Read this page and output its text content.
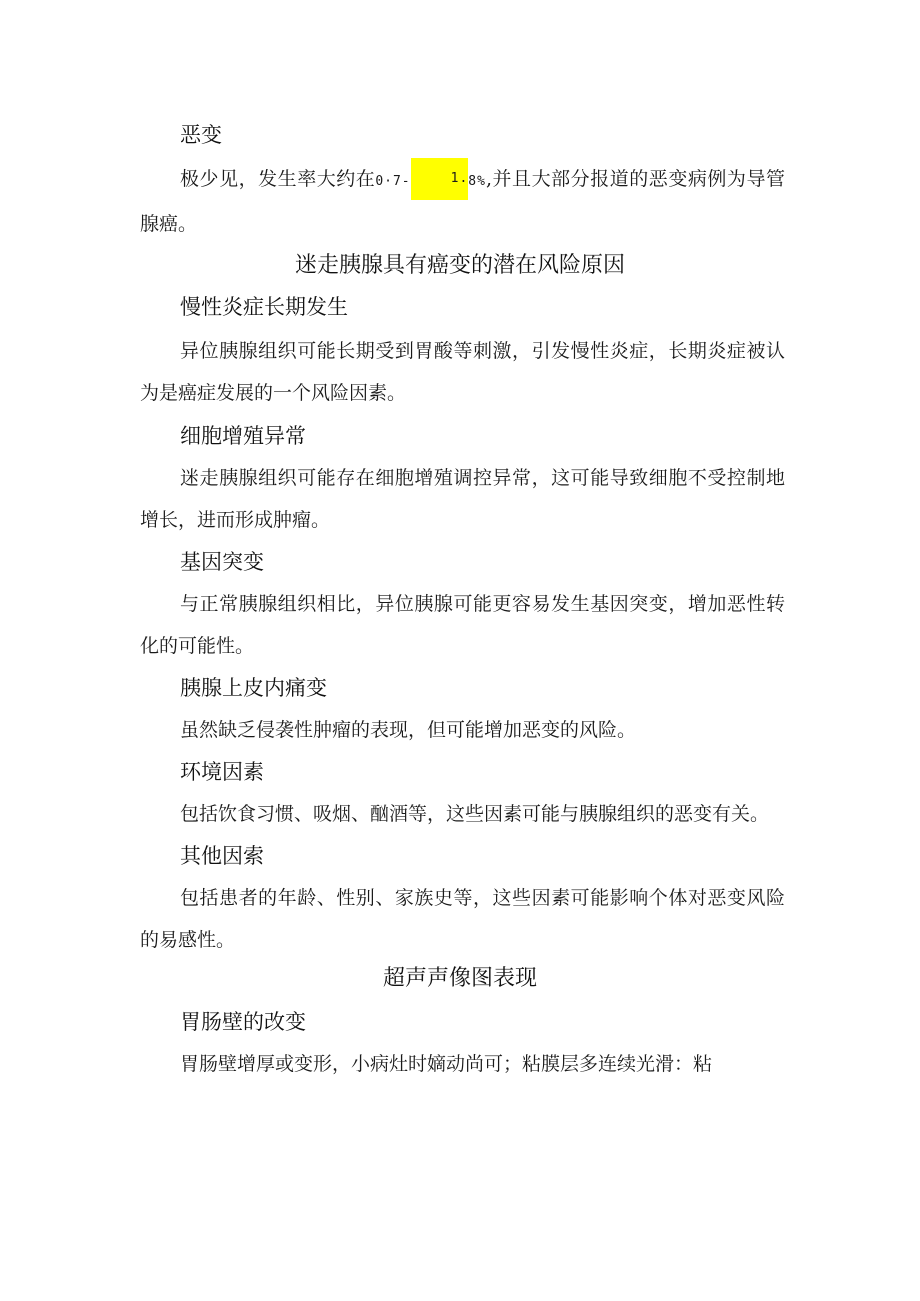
恶变
极少见，发生率大约在0·7-	1.8%,并且大部分报道的恶变病例为导管腺癌。
迷走胰腺具有癌变的潜在风险原因
慢性炎症长期发生
异位胰腺组织可能长期受到胃酸等刺激，引发慢性炎症，长期炎症被认为是癌症发展的一个风险因素。
细胞增殖异常
迷走胰腺组织可能存在细胞增殖调控异常，这可能导致细胞不受控制地增长，进而形成肿瘤。
基因突变
与正常胰腺组织相比，异位胰腺可能更容易发生基因突变，增加恶性转化的可能性。
胰腺上皮内痛变
虽然缺乏侵袭性肿瘤的表现，但可能增加恶变的风险。
环境因素
包括饮食习惯、吸烟、酗酒等，这些因素可能与胰腺组织的恶变有关。
其他因索
包括患者的年龄、性别、家族史等，这些因素可能影响个体对恶变风险的易感性。
超声声像图表现
胃肠壁的改变
胃肠壁增厚或变形，小病灶时嫡动尚可；粘膜层多连续光滑：粘
